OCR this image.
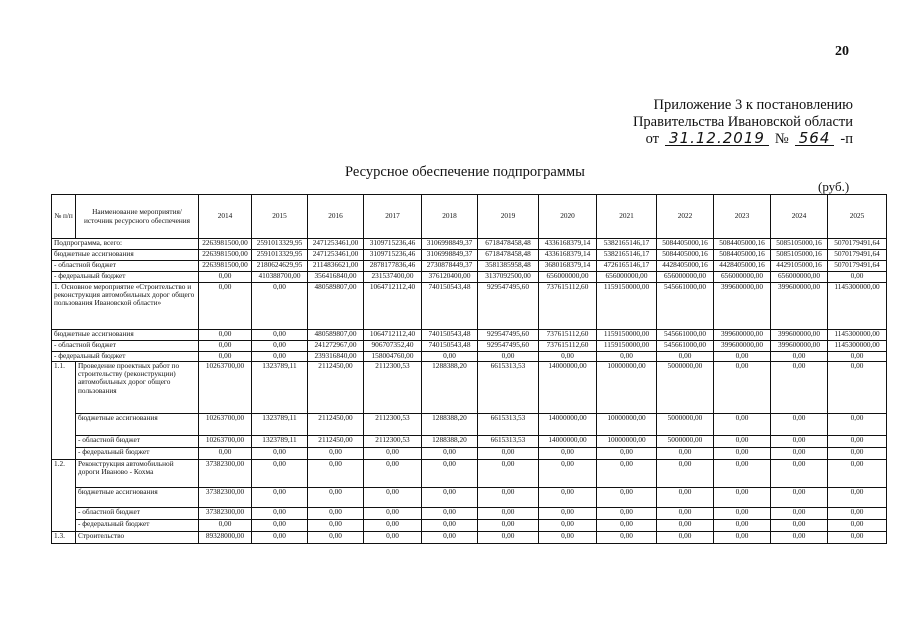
20
Приложение 3 к постановлению
Правительства Ивановской области
от 31.12.2019 № 564 -п
Ресурсное обеспечение подпрограммы
(руб.)
№ п/п	Наименование мероприятия/источник ресурсного обеспечения	2014	2015	2016	2017	2018	2019	2020	2021	2022	2023	2024	2025
Подпрограмма, всего:		2263981500,00	2591013329,95	2471253461,00	3109715236,46	3106998849,37	6718478458,48	4336168379,14	5382165146,17	5084405000,16	5084405000,16	5085105000,16	5070179491,64
бюджетные ассигнования		2263981500,00	2591013329,95	2471253461,00	3109715236,46	3106998849,37	6718478458,48	4336168379,14	5382165146,17	5084405000,16	5084405000,16	5085105000,16	5070179491,64
- областной бюджет		2263981500,00	2180624629,95	2114836621,00	2878177836,46	2730878449,37	3581385958,48	3680168379,14	4726165146,17	4428405000,16	4428405000,16	4429105000,16	5070179491,64
- федеральный бюджет		0,00	410388700,00	356416840,00	231537400,00	376120400,00	3137092500,00	656000000,00	656000000,00	656000000,00	656000000,00	656000000,00	0,00
1. Основное мероприятие «Строительство и реконструкция автомобильных дорог общего пользования Ивановской области»		0,00	0,00	480589807,00	1064712112,40	740150543,48	929547495,60	737615112,60	1159150000,00	545661000,00	399600000,00	399600000,00	1145300000,00
бюджетные ассигнования		0,00	0,00	480589807,00	1064712112,40	740150543,48	929547495,60	737615112,60	1159150000,00	545661000,00	399600000,00	399600000,00	1145300000,00
- областной бюджет		0,00	0,00	241272967,00	906707352,40	740150543,48	929547495,60	737615112,60	1159150000,00	545661000,00	399600000,00	399600000,00	1145300000,00
- федеральный бюджет		0,00	0,00	239316840,00	158004760,00	0,00	0,00	0,00	0,00	0,00	0,00	0,00	0,00
1.1.	Проведение проектных работ по строительству (реконструкции) автомобильных дорог общего пользования	10263700,00	1323789,11	2112450,00	2112300,53	1288388,20	6615313,53	14000000,00	10000000,00	5000000,00	0,00	0,00	0,00
	бюджетные ассигнования	10263700,00	1323789,11	2112450,00	2112300,53	1288388,20	6615313,53	14000000,00	10000000,00	5000000,00	0,00	0,00	0,00
	- областной бюджет	10263700,00	1323789,11	2112450,00	2112300,53	1288388,20	6615313,53	14000000,00	10000000,00	5000000,00	0,00	0,00	0,00
	- федеральный бюджет	0,00	0,00	0,00	0,00	0,00	0,00	0,00	0,00	0,00	0,00	0,00	0,00
1.2.	Реконструкция автомобильной дороги Иваново - Кохма	37382300,00	0,00	0,00	0,00	0,00	0,00	0,00	0,00	0,00	0,00	0,00	0,00
	бюджетные ассигнования	37382300,00	0,00	0,00	0,00	0,00	0,00	0,00	0,00	0,00	0,00	0,00	0,00
	- областной бюджет	37382300,00	0,00	0,00	0,00	0,00	0,00	0,00	0,00	0,00	0,00	0,00	0,00
	- федеральный бюджет	0,00	0,00	0,00	0,00	0,00	0,00	0,00	0,00	0,00	0,00	0,00	0,00
1.3.	Строительство	89328000,00	0,00	0,00	0,00	0,00	0,00	0,00	0,00	0,00	0,00	0,00	0,00
